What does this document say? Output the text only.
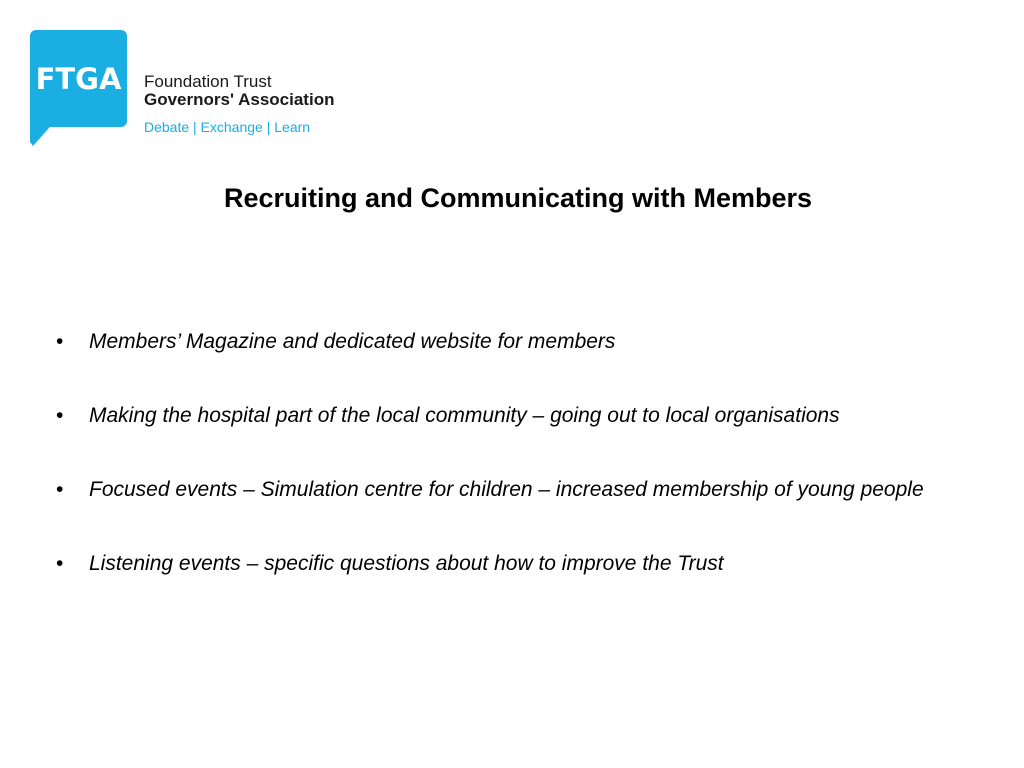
FTGA	Foundation Trust
Governors' Association
Debate | Exchange | Learn
Recruiting and Communicating with Members
•	Members’ Magazine and dedicated website for members
•	Making the hospital part of the local community – going out to local organisations
•	Focused events – Simulation centre for children – increased membership of young people
•	Listening events – specific questions about how to improve the Trust
